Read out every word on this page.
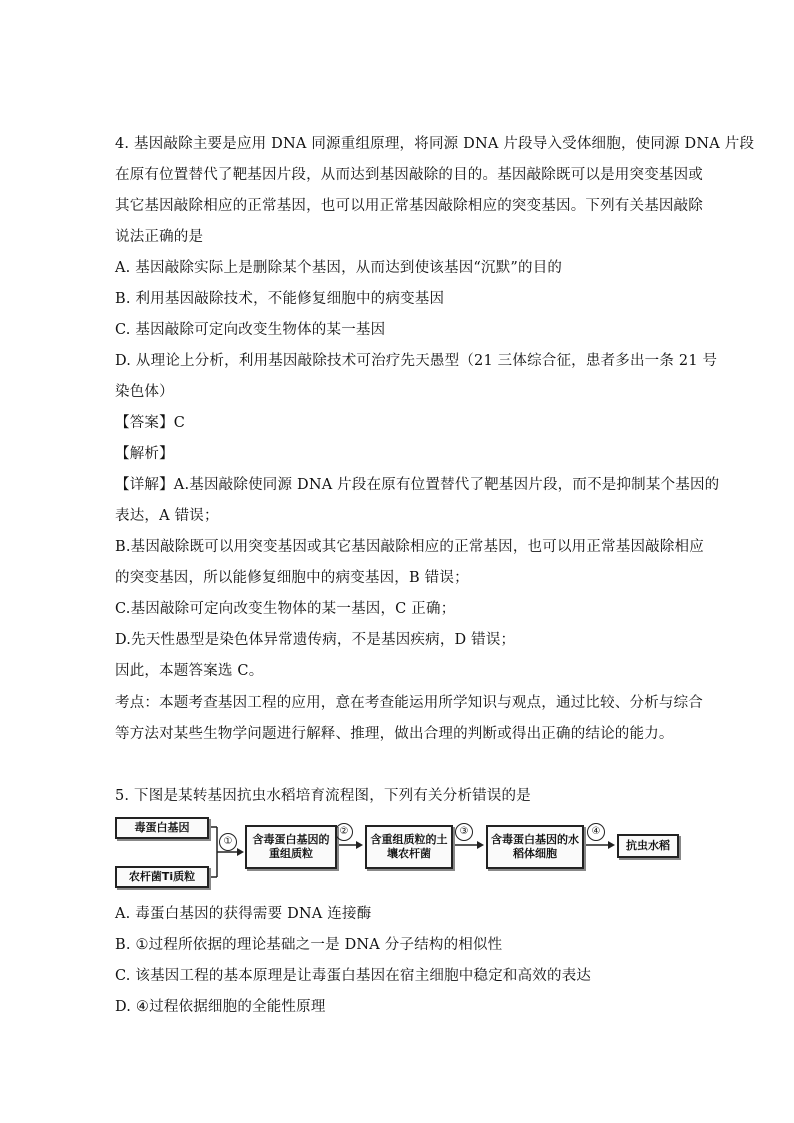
4. 基因敲除主要是应用 DNA 同源重组原理，将同源 DNA 片段导入受体细胞，使同源 DNA 片段
在原有位置替代了靶基因片段，从而达到基因敲除的目的。基因敲除既可以是用突变基因或
其它基因敲除相应的正常基因，也可以用正常基因敲除相应的突变基因。下列有关基因敲除
说法正确的是
A. 基因敲除实际上是删除某个基因，从而达到使该基因“沉默”的目的
B. 利用基因敲除技术，不能修复细胞中的病变基因
C. 基因敲除可定向改变生物体的某一基因
D. 从理论上分析，利用基因敲除技术可治疗先天愚型（21 三体综合征，患者多出一条 21 号
染色体）
【答案】C
【解析】
【详解】A.基因敲除使同源 DNA 片段在原有位置替代了靶基因片段，而不是抑制某个基因的
表达，A 错误；
B.基因敲除既可以用突变基因或其它基因敲除相应的正常基因，也可以用正常基因敲除相应
的突变基因，所以能修复细胞中的病变基因，B 错误；
C.基因敲除可定向改变生物体的某一基因，C 正确；
D.先天性愚型是染色体异常遗传病，不是基因疾病，D 错误；
因此，本题答案选 C。
考点：本题考查基因工程的应用，意在考查能运用所学知识与观点，通过比较、分析与综合
等方法对某些生物学问题进行解释、推理，做出合理的判断或得出正确的结论的能力。
5. 下图是某转基因抗虫水稻培育流程图，下列有关分析错误的是
毒蛋白基因
农杆菌Ti质粒
①	含毒蛋白基因的重组质粒
②
含重组质粒的土壤农杆菌
③
含毒蛋白基因的水稻体细胞
④
抗虫水稻
A. 毒蛋白基因的获得需要 DNA 连接酶
B. ①过程所依据的理论基础之一是 DNA 分子结构的相似性
C. 该基因工程的基本原理是让毒蛋白基因在宿主细胞中稳定和高效的表达
D. ④过程依据细胞的全能性原理
